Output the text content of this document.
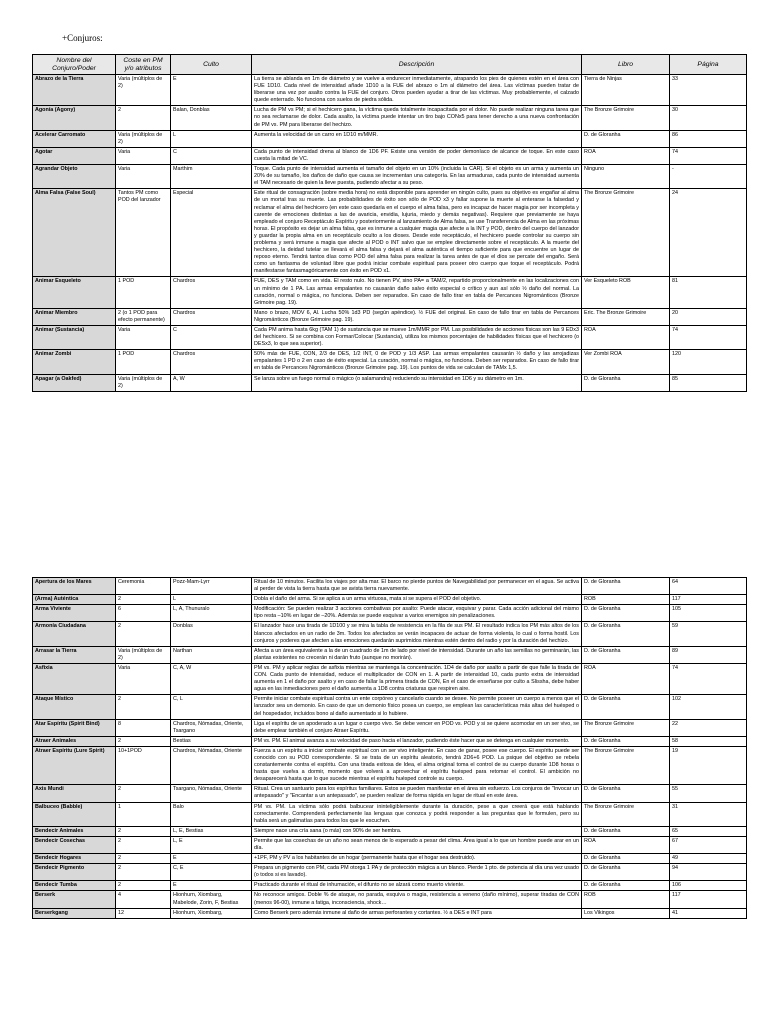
+Conjuros:
Nombre del Conjuro/Poder	Coste en PM y/o atributos	Culto	Descripción	Libro	Página
Abrazo de la Tierra	Varia (múltiplos de 2)	E	La tierra se ablanda en 1m de diámetro y se vuelve a endurecer inmediatamente, atrapando los pies de quienes estén en el área con FUE 1D10. Cada nivel de intensidad añade 1D10 a la FUE del abrazo o 1m al diámetro del área. Las víctimas pueden tratar de liberarse una vez por asalto contra la FUE del conjuro. Otros pueden ayudar a tirar de las víctimas. Muy probablemente, el calzado quede enterrado. No funciona con suelos de piedra sólida.	Tierra de Ninjas	33
Agonía (Agony)	2	Balan, Donblas	Lucha de PM vs PM; si el hechicero gana, la víctima queda totalmente incapacitada por el dolor. No puede realizar ninguna tarea que no sea reclamarse de dolor. Cada asalto, la víctima puede intentar un tiro bajo CONx5 para tener derecho a una nueva confrontación de PM vs. PM para liberarse del hechizo.	The Bronze Grimoire	30
Acelerar Carromato	Varia (múltiplos de 2)	L	Aumenta la velocidad de un carro en 1D10 m/MMR.	D. de Gloranha	86
Agotar	Varia	C	Cada punto de intensidad drena al blanco de 1D6 PF. Existe una versión de poder demoníaco de alcance de toque. En este caso cuesta la mitad de VC.	ROA	74
Agrandar Objeto	Varia	Marthim	Toque. Cada punto de intensidad aumenta el tamaño del objeto en un 10% (incluida la CAR). Si el objeto es un arma y aumenta un 20% de su tamaño, los daños de daño que causa se incrementan una categoría. En las armaduras, cada punto de intensidad aumenta el TAM necesario de quien la lleve puesta, pudiendo afectar a su peso.	Ninguno	-
Alma Falsa (False Soul)	Tantos PM como POD del lanzador	Especial	Este ritual de consagración (sobre media hora) no está disponible para aprender en ningún culto, pues su objetivo es engañar al alma de un mortal tras su muerte. Las probabilidades de éxito son sólo de POD x3 y fallar supone la muerte al enterarse la falsedad y reclamar el alma del hechicero (en este caso quedaría en el cuerpo el alma falsa, pero es incapaz de hacer magia por ser incompleta y carente de emociones distintas a las de avaricia, envidia, lujuria, miedo y demás negativas). Requiere que previamente se haya empleado el conjuro Receptáculo Espíritu y posteriormente al lanzamiento de Alma falsa, se use Transferencia de Alma en las próximas horas. El propósito es dejar un alma falsa, que es inmune a cualquier magia que afecte a la INT y POD, dentro del cuerpo del lanzador y guardar la propia alma en un receptáculo oculto a los dioses. Desde este receptáculo, el hechicero puede controlar su cuerpo sin problema y será inmune a magia que afecte al POD o INT salvo que se emplee directamente sobre el receptáculo. A la muerte del hechicero, la deidad tutelar se llevará el alma falsa y dejará el alma auténtica el tiempo suficiente para que encuentre un lugar de reposo eterno. Tendrá tantos días como POD del alma falsa para realizar la tarea antes de que el dios se percate del engaño. Será como un fantasma de voluntad libre que podrá iniciar combate espiritual para poseer otro cuerpo que toque el receptáculo. Podrá manifestarse fantasmagóricamente con éxito en POD x1.	The Bronze Grimoire	24
Animar Esqueleto	1 POD	Chardros	FUE, DES y TAM como en vida. El resto nulo. No tienen PV, sino PA= a TAM/2, repartido proporcionalmente en las localizaciones con un mínimo de 1 PA. Las armas empalantes no causarán daño salvo éxito especial o crítico y aun así sólo ½ daño del normal. La curación, normal o mágica, no funciona. Deben ser reparados. En caso de fallo tirar en tabla de Percances Nigrománticos (Bronze Grimoire pag. 19).	Ver Esqueleto ROB	81
Animar Miembro	2 (o 1 POD para efecto permanente)	Chardros	Mano o brazo, MOV 6, Al. Lucha 50% 1d3 PD (según apéndice). ½ FUE del original. En caso de fallo tirar en tabla de Percances Nigrománticos (Bronze Grimoire pag. 19).	Eric. The Bronze Grimoire	20
Animar (Sustancia)	Varia	C	Cada PM anima hasta 6kg (TAM 1) de sustancia que se mueve 1m/MMR por PM. Las posibilidades de acciones físicas son las 9 EDx3 del hechicero. Si se combina con Formar/Colocar (Sustancia), utiliza los mismos porcentajes de habilidades físicas que el hechicero (o DESx3, lo que sea superior).	ROA	74
Animar Zombi	1 POD	Chardros	50% más de FUE, CON, 2/3 de DES, 1/2 INT, 0 de POD y 1/3 ASP. Las armas empalantes causarán ½ daño y las arrojadizas empalantes 1 PD o 2 en caso de éxito especial. La curación, normal o mágica, no funciona. Deben ser reparados. En caso de fallo tirar en tabla de Percances Nigrománticos (Bronze Grimoire pag. 19). Los puntos de vida se calculan de TAMx 1,5.	Ver Zombi ROA	120
Apagar (a Oakfed)	Varia (múltiplos de 2)	A, W	Se lanza sobre un fuego normal o mágico (o salamandra) reduciendo su intensidad en 1D6 y su diámetro en 1m.	D. de Gloranha	85
Apertura de los Mares	Ceremonia	Pozz-Mam-Lyrr	Ritual de 10 minutos. Facilita los viajes por alta mar. El barco no pierde puntos de Navegabilidad por permanecer en el agua. Se activa al perder de vista la tierra hasta que se avista tierra nuevamente.	D. de Gloranha	64
(Arma) Auténtica	2	L	Dobla el daño del arma. Si se aplica a un arma virtuosa, mata si se supera el POD del objetivo.	ROB	117
Arma Viviente	6	L, A, Thunuralo	Modificación: Se pueden realizar 3 acciones combativas por asalto: Puede atacar, esquivar y parar. Cada acción adicional del mismo tipo resta –10% en lugar de –20%. Además se puede esquivar a varios enemigos sin penalizaciones.	D. de Gloranha	105
Armonía Ciudadana	2	Donblas	El lanzador hace una tirada de 1D100 y se mira la tabla de resistencia en la fila de sus PM. El resultado indica los PM más altos de los blancos afectados en un radio de 3m. Todos los afectados se verán incapaces de actuar de forma violenta, lo cual o forma hostil. Los conjuros y poderes que afecten a las emociones quedarán suprimidos mientras estén dentro del radio y por la duración del hechizo.	D. de Gloranha	59
Arrasar la Tierra	Varia (múltiplos de 2)	Narthan	Afecta a un área equivalente a la de un cuadrado de 1m de lado por nivel de intensidad. Durante un año las semillas no germinarán, las plantas existentes no crecerán ni darán fruto (aunque no morirán).	D. de Gloranha	89
Asfixia	Varia	C, A, W	PM vs. PM y aplicar reglas de asfixia mientras se mantenga la concentración. 1D4 de daño por asalto a partir de que falle la tirada de CON. Cada punto de intensidad, reduce el multiplicador de CON en 1. A partir de intensidad 10, cada punto extra de intensidad aumenta en 1 el daño por asalto y en caso de fallar la primera tirada de CON, En el caso de enseñarse por culto a Slissha, debe haber agua en las inmediaciones pero el daño aumenta a 1D8 contra criaturas que respiren aire.	ROA	74
Ataque Místico	2	C, L	Permite iniciar combate espiritual contra un ente corpóreo y cancelarlo cuando se desee. No permite poseer un cuerpo a menos que el lanzador sea un demonio. En caso de que un demonio físico posea un cuerpo, se emplean las características más altas del huésped o del hospedador, incluidos bono al daño aumentado si lo hubiere.	D. de Gloranha	102
Atar Espíritu (Spirit Bind)	8	Chardros, Nómadas, Oriente, Tsargano	Liga el espíritu de un apoderado a un lugar o cuerpo vivo. Se debe vencer en POD vs. POD y si se quiere acomodar en un ser vivo, se debe emplear también el conjuro Atraer Espíritu.	The Bronze Grimoire	22
Atraer Animales	2	Bestias	PM vs. PM. El animal avanza a su velocidad de paso hacia el lanzador, pudiendo éste hacer que se detenga en cualquier momento.	D. de Gloranha	58
Atraer Espíritu (Lure Spirit)	10+1POD	Chardros, Nómadas, Oriente	Fuerza a un espíritu a iniciar combate espiritual con un ser vivo inteligente. En caso de ganar, posee ese cuerpo. El espíritu puede ser conocido con su POD correspondiente. Si se trata de un espíritu aleatorio, tendrá 2D6+6 POD. La psique del objetivo se rebela constantemente contra el espíritu. Con una tirada exitosa de Idea, el alma original toma el control de su cuerpo durante 1D8 horas o hasta que vuelva a dormir, momento que volverá a aprovechar el espíritu huésped para retomar el control. El ambición no desaparecerá hasta que lo que sucede mientras el espíritu huésped controle su cuerpo.	The Bronze Grimoire	19
Axis Mundi	2	Tsargano, Nómadas, Oriente	Ritual. Crea un santuario para los espíritus familiares. Estos se pueden manifestar en el área sin esfuerzo. Los conjuros de "Invocar un antepasado" y "Encantar a un antepasado", se pueden realizar de forma rápida en lugar de ritual en este área.	D. de Gloranha	55
Balbuceo (Babble)	1	Balo	PM vs. PM. La víctima sólo podrá balbucear ininteligiblemente durante la duración, pese a que creerá que está hablando correctamente. Comprenderá perfectamente las lenguas que conozca y podrá responder a las preguntas que le formulen, pero su habla será un galimatías para todos los que le escuchen.	The Bronze Grimoire	31
Bendecir Animales	2	L, E, Bestias	Siempre nace una cría sana (o más) con 90% de ser hembra.	D. de Gloranha	65
Bendecir Cosechas	2	L, E	Permite que las cosechas de un año no sean menos de lo esperado a pesar del clima. Área igual a lo que un hombre puede arar en un día.	ROA	67
Bendecir Hogares	2	E	+1PF, PM y PV a los habitantes de un hogar (permanente hasta que el hogar sea destruido).	D. de Gloranha	49
Bendecir Pigmento	2	C, E	Prepara un pigmento con PM, cada PM otorga 1 PA y de protección mágica a un blanco. Pierde 1 pto. de potencia al día una vez usado (o todos si es lavado).	D. de Gloranha	94
Bendecir Tumba	2	E	Practicado durante el ritual de inhumación, el difunto no se alzará como muerto viviente.	D. de Gloranha	106
Berserk	4	Hionhurn, Xiombarg, Mabelode, Zorin, F, Bestias	No reconoce amigos. Doble % de ataque, no parada, esquiva o magia, resistencia a veneno (daño mínimo), superar tiradas de CON (menos 96-00), inmune a fatiga, inconsciencia, shock…	ROB	117
Berserkgang	12	Hionhurn, Xiombarg,	Como Berserk pero además inmune al daño de armas perforantes y cortantes. ½ a DES e INT para	Los Vikingos	41
